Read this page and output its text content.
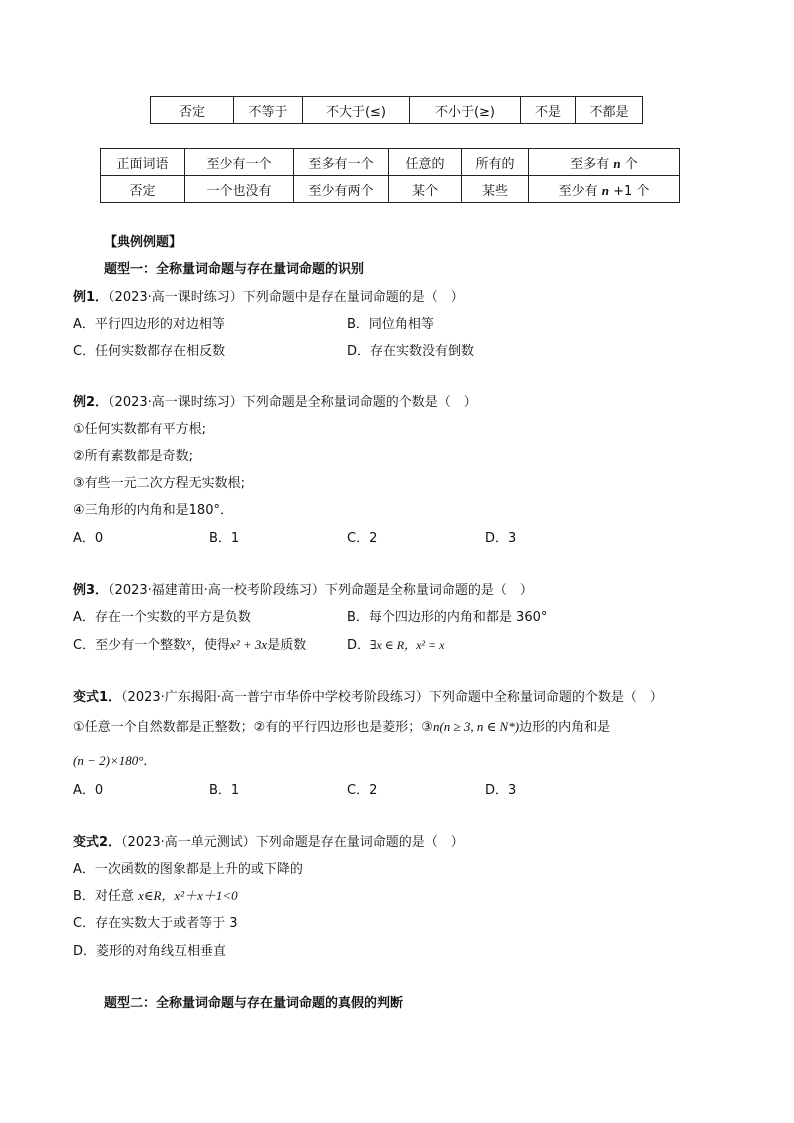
否定	不等于	不大于(≤)	不小于(≥)	不是	不都是
正面词语	至少有一个	至多有一个	任意的	所有的	至多有 n 个
否定	一个也没有	至少有两个	某个	某些	至少有 n +1 个
【典例例题】
题型一：全称量词命题与存在量词命题的识别
例1．（2023·高一课时练习）下列命题中是存在量词命题的是（　）
A．平行四边形的对边相等	B．同位角相等
C．任何实数都存在相反数	D．存在实数没有倒数
例2．（2023·高一课时练习）下列命题是全称量词命题的个数是（　）
①任何实数都有平方根;
②所有素数都是奇数;
③有些一元二次方程无实数根;
④三角形的内角和是180°．
A．0	B．1	C．2	D．3
例3．（2023·福建莆田·高一校考阶段练习）下列命题是全称量词命题的是（　）
A．存在一个实数的平方是负数	B．每个四边形的内角和都是 360°
C．至少有一个整数$^x$，使得x² + 3x是质数	D．∃x ∈ R，x² = x
变式1．（2023·广东揭阳·高一普宁市华侨中学校考阶段练习）下列命题中全称量词命题的个数是（　）
①任意一个自然数都是正整数；②有的平行四边形也是菱形；③n(n ≥ 3, n ∈ N*)边形的内角和是
(n − 2)×180°．
A．0	B．1	C．2	D．3
变式2．（2023·高一单元测试）下列命题是存在量词命题的是（　）
A．一次函数的图象都是上升的或下降的
B．对任意 x∈R，x²＋x＋1<0
C．存在实数大于或者等于 3
D．菱形的对角线互相垂直
题型二：全称量词命题与存在量词命题的真假的判断
